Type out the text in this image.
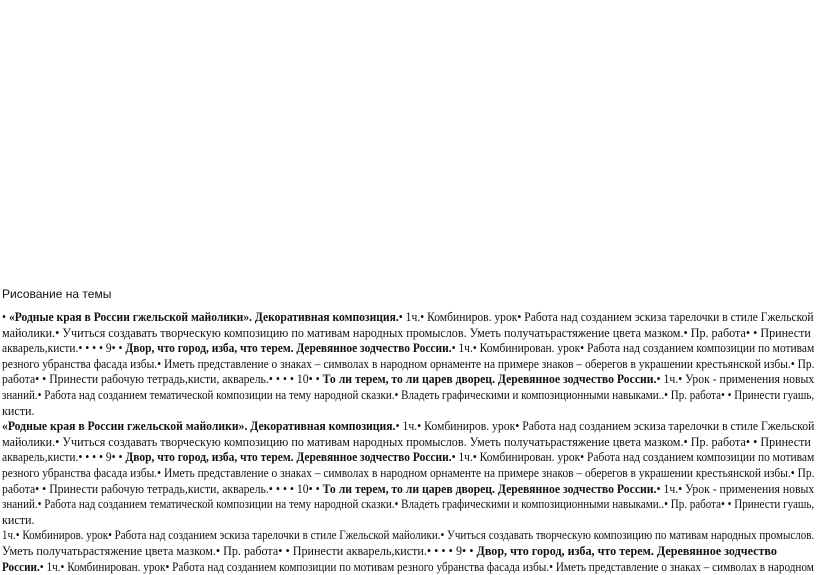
Рисование на темы
• «Родные края в России гжельской майолики». Декоративная композиция.• 1ч.• Комбиниров. урок• Работа над созданием эскиза тарелочки в стиле Гжельской
майолики.• Учиться создавать творческую композицию по мативам народных промыслов. Уметь получатьрастяжение цвета мазком.• Пр. работа• • Принести
акварель,кисти.• • • • 9• • Двор, что город, изба, что терем. Деревянное зодчество России.• 1ч.• Комбинирован. урок• Работа над созданием композиции по мотивам
резного убранства фасада избы.• Иметь представление о знаках – символах в народном орнаменте на примере знаков – оберегов в украшении крестьянской избы.• Пр.
работа• • Принести рабочую тетрадь,кисти, акварель.• • • • 10• • То ли терем, то ли царев дворец. Деревянное зодчество России.• 1ч.• Урок - применения новых
знаний.• Работа над созданием тематической композиции на тему народной сказки.• Владеть графическими и композиционными навыками..• Пр. работа• • Принести гуашь,
кисти.
«Родные края в России гжельской майолики». Декоративная композиция.• 1ч.• Комбиниров. урок• Работа над созданием эскиза тарелочки в стиле Гжельской
майолики.• Учиться создавать творческую композицию по мативам народных промыслов. Уметь получатьрастяжение цвета мазком.• Пр. работа• • Принести
акварель,кисти.• • • • 9• • Двор, что город, изба, что терем. Деревянное зодчество России.• 1ч.• Комбинирован. урок• Работа над созданием композиции по мотивам
резного убранства фасада избы.• Иметь представление о знаках – символах в народном орнаменте на примере знаков – оберегов в украшении крестьянской избы.• Пр.
работа• • Принести рабочую тетрадь,кисти, акварель.• • • • 10• • То ли терем, то ли царев дворец. Деревянное зодчество России.• 1ч.• Урок - применения новых
знаний.• Работа над созданием тематической композиции на тему народной сказки.• Владеть графическими и композиционными навыками..• Пр. работа• • Принести гуашь,
кисти.
1ч.• Комбиниров. урок• Работа над созданием эскиза тарелочки в стиле Гжельской майолики.• Учиться создавать творческую композицию по мативам народных промыслов.
Уметь получатьрастяжение цвета мазком.• Пр. работа• • Принести акварель,кисти.• • • • 9• • Двор, что город, изба, что терем. Деревянное зодчество
России.• 1ч.• Комбинирован. урок• Работа над созданием композиции по мотивам резного убранства фасада избы.• Иметь представление о знаках – символах в народном
